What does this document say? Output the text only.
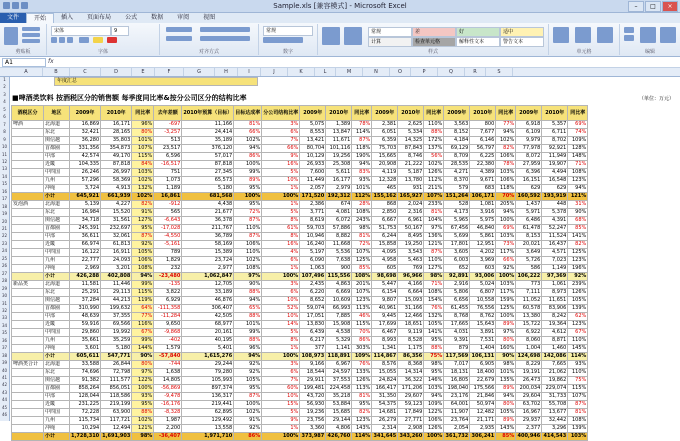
Sample.xls [兼容模式] - Microsoft Excel	–	□	×
文件	开始	插入	页面布局	公式	数据	审阅	视图
剪贴板
宋体	9
字体	对齐方式
常规
数字
常规	差	好	适中
计算	检查单元格	解释性文本	警告文本
样式	单元格	编辑
A1	fx
A	B	C	D	E	F	G	H	I	J	K	L	M	N	O	P	Q	R	S
1
2
3
4
5
6
7
8
9
10
11
12
13
14
15
16
17
18
19
20
21
22
23
24
25
26
27
28
29
30
31
32
33
34
35
36
37
38
39
40
41
42
43
44
45
46
年度汇总
■啤酒类饮料 按酒税区分的销售额 每季度同比率&按分公司区分的结构比率	（单位：万元）
酒税区分	地区	2009年	2010年	同比率	去年差额	2010年预算（目标）	目标达成率	分公司结构比率	2009年	2010年	同比率	2009年	2010年	同比率	2009年	2010年	同比率	2009年	2010年	同比率
啤酒	北海道	16,869	16,171	96%	-697	11,166	81%	3%	5,075	1,389	78%	2,381	2,625	110%	3,563	800	77%	6,918	5,357	69%
	东北	32,421	28,165	80%	-3,257	24,414	66%	6%	8,553	13,847	114%	6,051	5,334	88%	8,152	7,677	94%	6,109	6,711	74%
	関信越	36,280	35,803	101%	513	35,189	102%	7%	13,421	11,671	87%	6,359	14,325	172%	4,184	6,146	102%	9,979	8,702	109%
	首都圈	331,356	354,873	107%	23,517	376,120	94%	66%	80,704	101,116	118%	75,703	87,843	137%	69,129	56,797	82%	77,978	92,921	128%
	中部	42,574	49,170	115%	6,596	57,017	86%	9%	10,129	19,256	190%	15,665	8,746	56%	8,709	6,225	106%	8,072	11,949	148%
	近畿	104,335	87,818	84%	-16,517	87,818	100%	16%	26,933	25,308	94%	20,908	21,222	102%	28,535	22,380	78%	27,959	19,907	71%
	中四国	26,246	26,997	103%	751	27,345	99%	5%	7,600	5,611	83%	4,119	5,187	126%	4,271	4,389	103%	6,396	4,494	108%
	九州	57,296	58,369	102%	1,073	65,573	89%	10%	11,449	16,177	93%	12,328	13,780	112%	8,370	9,671	106%	16,151	16,548	123%
	冲绳	3,724	4,913	132%	1,189	5,180	95%	1%	2,057	2,979	101%	465	931	211%	579	683	118%	629	629	94%
	小计	645,921	661,939	102%	16,861	681,568	100%	100%	171,520	192,312	112%	155,162	165,927	107%	151,264	106,171	70%	160,592	193,919	121%
发泡酒	北海道	5,139	4,227	82%	-912	4,438	95%	1%	2,386	674	28%	868	2,024	233%	528	1,081	205%	1,437	448	31%
	东北	16,984	15,520	91%	565	21,677	72%	5%	3,771	4,081	108%	2,850	2,316	81%	4,173	3,916	94%	5,971	5,378	90%
	関信越	34,718	31,561	127%	-6,643	36,378	87%	8%	8,619	6,072	243%	6,667	6,961	104%	5,965	5,975	100%	6,486	4,391	68%
	首都圈	245,391	232,697	95%	-17,028	211,767	110%	61%	59,703	57,886	98%	51,753	50,167	97%	67,456	46,840	69%	61,478	52,247	85%
	中部	36,611	32,061	87%	-4,550	36,789	87%	8%	10,946	8,882	81%	6,244	8,495	136%	5,699	5,861	103%	8,153	11,524	141%
	近畿	66,974	61,813	92%	-5,161	58,169	106%	16%	16,240	11,668	72%	15,858	19,250	121%	17,801	12,951	73%	20,021	16,437	82%
	中四国	16,122	16,911	105%	789	15,389	110%	4%	5,197	5,536	107%	4,095	3,543	87%	3,605	4,202	117%	3,649	4,571	125%
	九州	22,777	24,093	106%	1,829	23,724	102%	6%	6,090	7,638	125%	4,958	5,463	110%	6,003	3,969	66%	5,726	7,023	123%
	冲绳	2,969	3,201	108%	232	2,977	108%	1%	1,063	900	85%	605	769	127%	652	603	92%	586	1,149	196%
	小计	426,288	402,808	94%	-23,480	1,062,847	97%	100%	107,496	115,556	108%	98,698	96,966	98%	92,891	93,006	100%	106,222	97,369	92%
新品类	北海道	11,581	11,446	99%	-135	12,705	90%	3%	2,435	4,863	201%	5,447	4,166	71%	2,916	5,024	103%	773	1,061	239%
	东北	25,291	29,113	115%	3,822	33,189	88%	6%	6,220	6,669	107%	6,154	6,664	108%	5,806	6,807	117%	7,111	8,973	126%
	関信越	37,284	44,213	119%	6,929	46,876	94%	10%	8,652	10,609	123%	9,807	15,093	154%	6,656	10,558	159%	11,052	11,651	105%
	首都圈	310,990	199,632	64%	-111,358	306,407	65%	52%	59,074	66,993	113%	40,961	31,166	76%	61,455	76,556	125%	60,578	83,906	139%
	中部	48,639	37,355	77%	-11,284	42,505	88%	10%	17,051	7,885	46%	9,445	12,466	132%	8,768	8,762	100%	13,380	8,242	62%
	近畿	59,916	69,566	116%	9,650	68,977	101%	14%	13,830	15,908	115%	17,699	18,651	105%	17,665	15,643	89%	15,722	19,364	123%
	中四国	29,860	19,992	67%	-9,868	20,161	99%	5%	6,439	4,538	70%	6,467	9,119	141%	4,031	3,891	97%	6,922	4,612	67%
	九州	35,661	35,259	99%	-402	40,195	88%	8%	6,217	5,329	86%	8,993	8,528	95%	9,391	7,531	80%	8,060	8,871	110%
	冲绳	3,601	5,180	144%	1,579	5,401	96%	1%	377	1,141	303%	1,341	1,175	88%	879	1,404	160%	1,004	1,460	145%
	小计	605,611	547,771	90%	-57,840	1,615,276	94%	100%	108,973	118,891	109%	114,867	86,356	75%	117,569	106,131	90%	124,698	142,086	114%
啤酒类合计	北海道	33,588	26,844	80%	-744	29,244	92%	3%	9,166	6,967	76%	8,576	8,368	98%	7,017	6,905	98%	8,229	7,665	93%
	东北	74,696	72,798	97%	1,638	79,280	92%	6%	18,544	24,597	133%	15,055	14,314	95%	18,131	18,400	101%	19,191	21,062	110%
	関信越	91,382	111,577	122%	14,805	105,993	105%	7%	29,911	37,553	126%	24,824	36,322	146%	16,805	22,679	135%	26,473	19,862	75%
	首都圈	858,264	856,051	100%	-56,869	897,374	95%	60%	199,481	224,458	113%	166,417	171,206	103%	198,040	175,566	89%	200,034	229,074	115%
	中部	128,044	118,586	93%	-9,478	136,317	87%	10%	43,720	35,218	81%	31,350	29,607	94%	23,176	21,846	94%	29,604	31,733	107%
	近畿	231,225	219,199	95%	-16,176	219,441	100%	15%	56,930	53,884	95%	54,375	59,123	109%	64,001	50,974	80%	63,702	55,708	87%
	中四国	72,228	63,900	88%	-8,328	62,895	102%	5%	19,236	15,685	82%	14,681	17,849	122%	11,907	12,482	105%	16,967	13,677	81%
	九州	115,734	117,721	102%	1,987	129,492	91%	9%	23,756	29,144	123%	26,279	27,771	106%	23,764	21,171	89%	29,937	32,442	108%
	冲绳	10,294	12,494	121%	2,200	13,558	92%	1%	3,360	4,806	143%	2,314	2,908	126%	2,054	2,935	143%	2,377	3,296	139%
	小计	1,728,310	1,691,903	98%	-36,407	1,971,710	86%	100%	373,987	426,760	114%	341,645	343,260	100%	361,732	306,241	85%	400,946	414,543	103%
